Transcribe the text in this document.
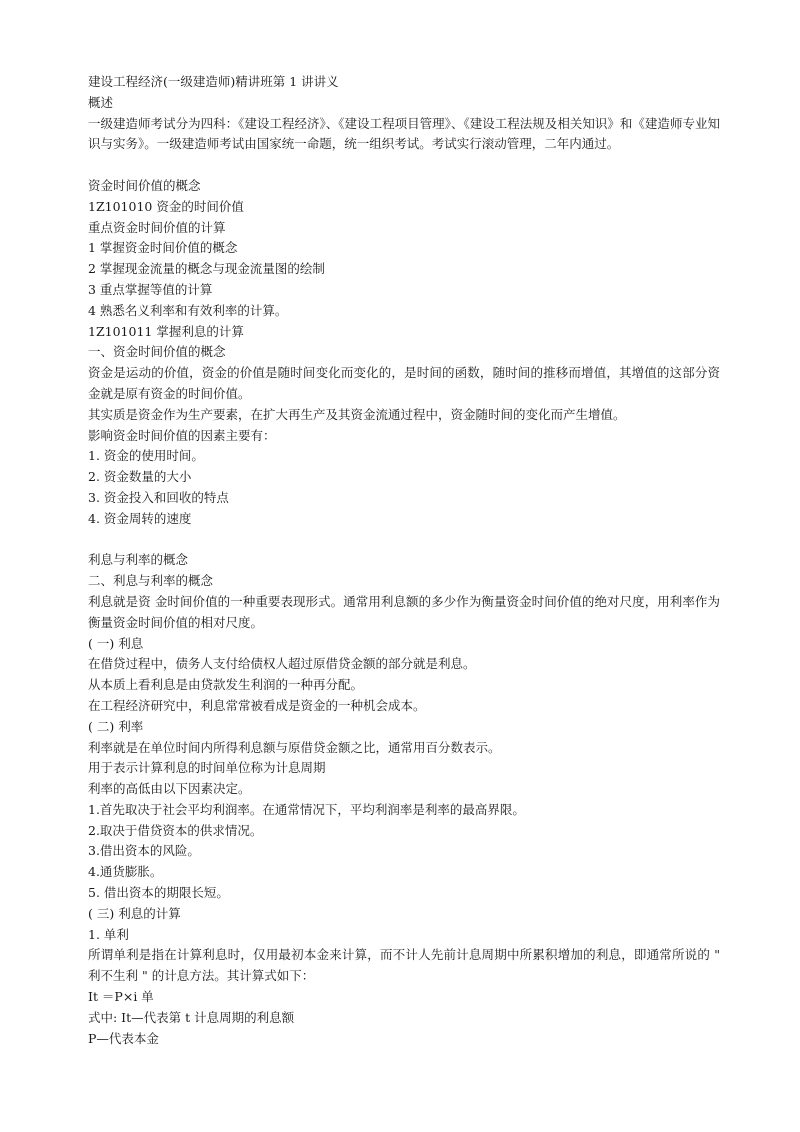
建设工程经济(一级建造师)精讲班第 1 讲讲义
概述
一级建造师考试分为四科：《建设工程经济》、《建设工程项目管理》、《建设工程法规及相关知识》和《建造师专业知识与实务》。一级建造师考试由国家统一命题，统一组织考试。考试实行滚动管理，二年内通过。
资金时间价值的概念
1Z101010 资金的时间价值
重点资金时间价值的计算
1 掌握资金时间价值的概念
2 掌握现金流量的概念与现金流量图的绘制
3 重点掌握等值的计算
4 熟悉名义利率和有效利率的计算。
1Z101011 掌握利息的计算
一、资金时间价值的概念
资金是运动的价值，资金的价值是随时间变化而变化的，是时间的函数，随时间的推移而增值，其增值的这部分资金就是原有资金的时间价值。
其实质是资金作为生产要素，在扩大再生产及其资金流通过程中，资金随时间的变化而产生增值。
影响资金时间价值的因素主要有：
1. 资金的使用时间。
2. 资金数量的大小
3. 资金投入和回收的特点
4. 资金周转的速度
利息与利率的概念
二、利息与利率的概念
利息就是资 金时间价值的一种重要表现形式。通常用利息额的多少作为衡量资金时间价值的绝对尺度，用利率作为衡量资金时间价值的相对尺度。
( 一) 利息
在借贷过程中，债务人支付给债权人超过原借贷金额的部分就是利息。
从本质上看利息是由贷款发生利润的一种再分配。
在工程经济研究中，利息常常被看成是资金的一种机会成本。
( 二) 利率
利率就是在单位时间内所得利息额与原借贷金额之比，通常用百分数表示。
用于表示计算利息的时间单位称为计息周期
利率的高低由以下因素决定。
1.首先取决于社会平均利润率。在通常情况下，平均利润率是利率的最高界限。
2.取决于借贷资本的供求情况。
3.借出资本的风险。
4.通货膨胀。
5. 借出资本的期限长短。
( 三) 利息的计算
1. 单利
所谓单利是指在计算利息时，仅用最初本金来计算，而不计人先前计息周期中所累积增加的利息，即通常所说的 " 利不生利 " 的计息方法。其计算式如下：
It ＝P×i 单
式中: It—代表第 t 计息周期的利息额
P—代表本金
